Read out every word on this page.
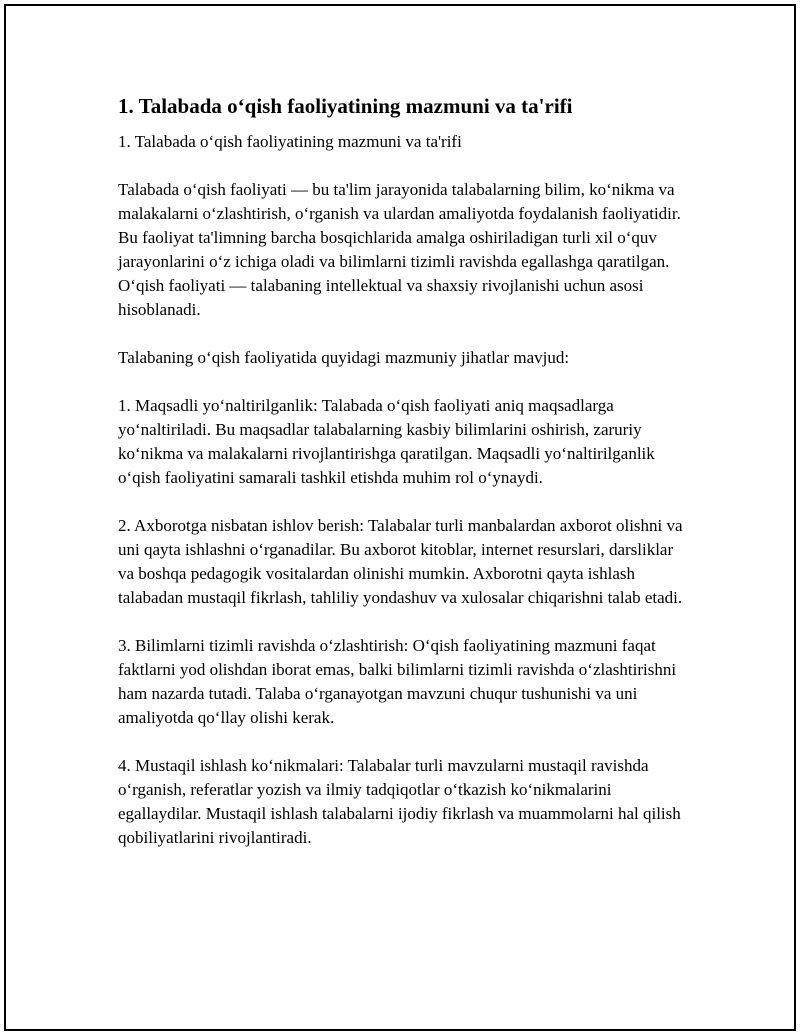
1. Talabada o‘qish faoliyatining mazmuni va ta'rifi

1. Talabada o‘qish faoliyatining mazmuni va ta'rifi

Talabada o‘qish faoliyati — bu ta'lim jarayonida talabalarning bilim, ko‘nikma va malakalarni o‘zlashtirish, o‘rganish va ulardan amaliyotda foydalanish faoliyatidir. Bu faoliyat ta'limning barcha bosqichlarida amalga oshiriladigan turli xil o‘quv jarayonlarini o‘z ichiga oladi va bilimlarni tizimli ravishda egallashga qaratilgan. O‘qish faoliyati — talabaning intellektual va shaxsiy rivojlanishi uchun asosi hisoblanadi.

Talabaning o‘qish faoliyatida quyidagi mazmuniy jihatlar mavjud:

1. Maqsadli yo‘naltirilganlik: Talabada o‘qish faoliyati aniq maqsadlarga yo‘naltiriladi. Bu maqsadlar talabalarning kasbiy bilimlarini oshirish, zaruriy ko‘nikma va malakalarni rivojlantirishga qaratilgan. Maqsadli yo‘naltirilganlik o‘qish faoliyatini samarali tashkil etishda muhim rol o‘ynaydi.

2. Axborotga nisbatan ishlov berish: Talabalar turli manbalardan axborot olishni va uni qayta ishlashni o‘rganadilar. Bu axborot kitoblar, internet resurslari, darsliklar va boshqa pedagogik vositalardan olinishi mumkin. Axborotni qayta ishlash talabadan mustaqil fikrlash, tahliliy yondashuv va xulosalar chiqarishni talab etadi.

3. Bilimlarni tizimli ravishda o‘zlashtirish: O‘qish faoliyatining mazmuni faqat faktlarni yod olishdan iborat emas, balki bilimlarni tizimli ravishda o‘zlashtirishni ham nazarda tutadi. Talaba o‘rganayotgan mavzuni chuqur tushunishi va uni amaliyotda qo‘llay olishi kerak.

4. Mustaqil ishlash ko‘nikmalari: Talabalar turli mavzularni mustaqil ravishda o‘rganish, referatlar yozish va ilmiy tadqiqotlar o‘tkazish ko‘nikmalarini egallaydilar. Mustaqil ishlash talabalarni ijodiy fikrlash va muammolarni hal qilish qobiliyatlarini rivojlantiradi.
